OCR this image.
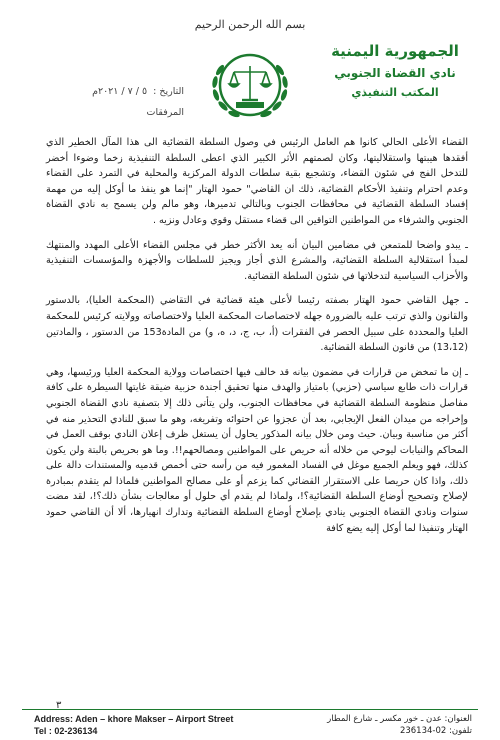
بسم الله الرحمن الرحيم
الجمهورية اليمنية
نادي القضاة الجنوبي
المكتب التنفيذي
التاريخ :
٥ / ٧ / ٢٠٢١م
المرفقات

القضاء الأعلى الحالي كانوا هم العامل الرئيس في وصول السلطة القضائية الى هذا المآل الخطير الذي أفقدها هيبتها واستقلاليتها، وكان لصمتهم الأثر الكبير الذي اعطى السلطة التنفيذية زخما وضوءا أخضر للتدخل الفج في شئون القضاء، وتشجيع بقية سلطات الدولة المركزية والمحلية في التمرد على القضاء وعدم احترام وتنفيذ الأحكام القضائية، ذلك ان القاضي" حمود الهتار "إنما هو ينفذ ما أوكل إليه من مهمة إفساد السلطة القضائية في محافظات الجنوب وبالتالي تدميرها، وهو مالم ولن يسمح به نادي القضاة الجنوبي والشرفاء من المواطنين التواقين الى قضاء مستقل وقوي وعادل ونزيه .

ـ يبدو واضحا للمتمعن في مضامين البيان أنه يعد الأكثر خطر في مجلس القضاء الأعلى المهدد والمنتهك لمبدأ استقلالية السلطة القضائية، والمشرع الذي أجاز ويجيز للسلطات والأجهزة والمؤسسات التنفيذية والأحزاب السياسية لتدخلاتها في شئون السلطة القضائية.

ـ جهل القاضي حمود الهتار بصفته رئيسا لأعلى هيئة قضائية في التقاضي (المحكمة العليا)، بالدستور والقانون والذي ترتب عليه بالضرورة جهله لاختصاصات المحكمة العليا ولاختصاصاته وولايته كرئيس للمحكمة العليا والمحددة على سبيل الحصر في الفقرات (أ، ب، ج، د، ه، و) من المادة153 من الدستور ، والمادتين (13،12) من قانون السلطة القضائية.

ـ إن ما تمخض من قرارات في مضمون بيانه قد خالف فيها اختصاصات وولاية المحكمة العليا ورئيسها، وهي قرارات ذات طابع سياسي (حزبي) بامتياز والهدف منها تحقيق أجندة حزبية ضيقة غايتها السيطرة على كافة مفاصل منظومة السلطة القضائية في محافظات الجنوب، ولن يتأتى ذلك إلا بتصفية نادي القضاة الجنوبي وإخراجه من ميدان الفعل الإيجابي، بعد أن عجزوا عن احتوائه وتفريغه، وهو ما سبق للنادي التحذير منه في أكثر من مناسبة وبيان. حيث ومن خلال بيانه المذكور يحاول أن يستغل ظرف إعلان النادي بوقف العمل في المحاكم والنيابات ليوحي من خلاله أنه حريص على المواطنين ومصالحهم!!. وما هو بحريص بالبتة ولن يكون كذلك، فهو ويعلم الجميع موغل في الفساد المغمور فيه من رأسه حتى أخمص قدميه والمستندات دالة على ذلك، واذا كان حريصا على الاستقرار القضائي كما يزعم أو على مصالح المواطنين فلماذا لم يتقدم بمبادرة لإصلاح وتصحيح أوضاع السلطة القضائية؟!، ولماذا لم يقدم أي حلول أو معالجات بشأن ذلك؟!، لقد مضت سنوات ونادي القضاة الجنوبي ينادي بإصلاح أوضاع السلطة القضائية وتدارك انهيارها، ألا أن القاضي حمود الهتار وتنفيذا لما أوكل إليه يضع كافة

٣
Address: Aden – khore Makser – Airport Street
Tel : 02-236134
العنوان: عدن ـ خور مكسر ـ شارع المطار
تلفون: 02-236134
